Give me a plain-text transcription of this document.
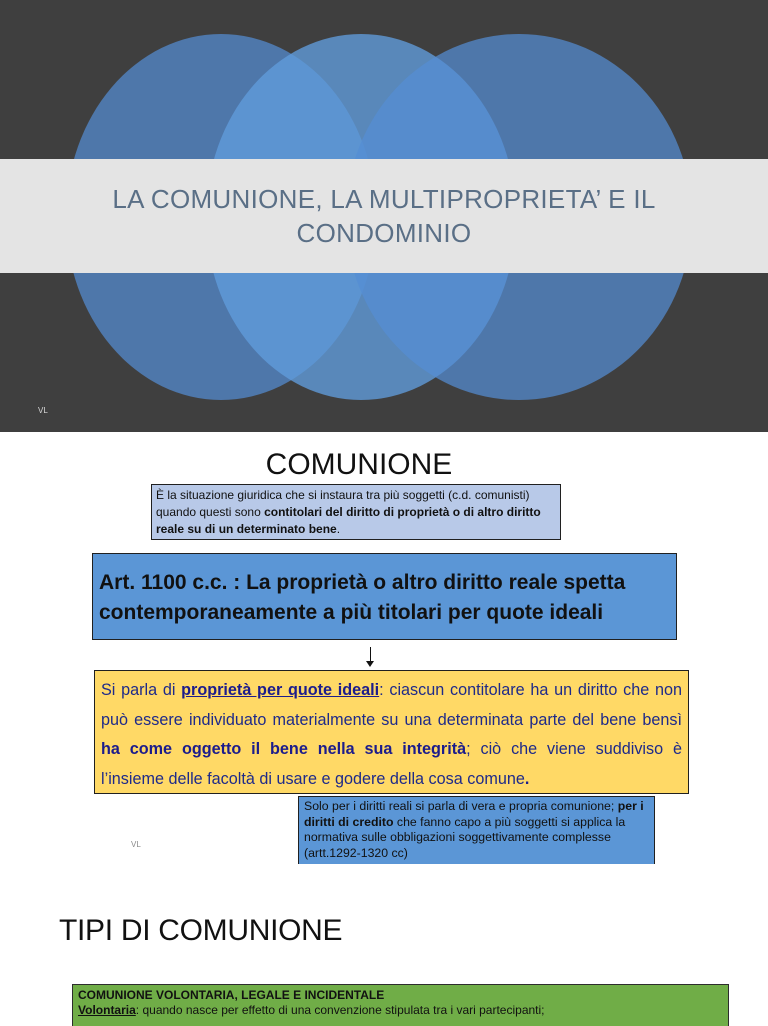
LA COMUNIONE, LA MULTIPROPRIETA’ E IL
CONDOMINIO
VL
COMUNIONE
È la situazione giuridica che si instaura tra più soggetti (c.d. comunisti) quando questi sono contitolari del diritto di proprietà o di altro diritto reale su di un determinato bene.
Art. 1100 c.c. : La proprietà o altro diritto reale spetta contemporaneamente a più titolari per quote ideali
Si parla di proprietà per quote ideali: ciascun contitolare ha un diritto che non può essere individuato materialmente su una determinata parte del bene bensì ha come oggetto il bene nella sua integrità; ciò che viene suddiviso è l’insieme delle facoltà di usare e godere della cosa comune.
Solo per i diritti reali si parla di vera e propria comunione; per i diritti di credito che fanno capo a più soggetti si applica la normativa sulle obbligazioni soggettivamente complesse (artt.1292-1320 cc)
VL
TIPI DI COMUNIONE
COMUNIONE VOLONTARIA, LEGALE E INCIDENTALE
Volontaria: quando nasce per effetto di una convenzione stipulata tra i vari partecipanti;
